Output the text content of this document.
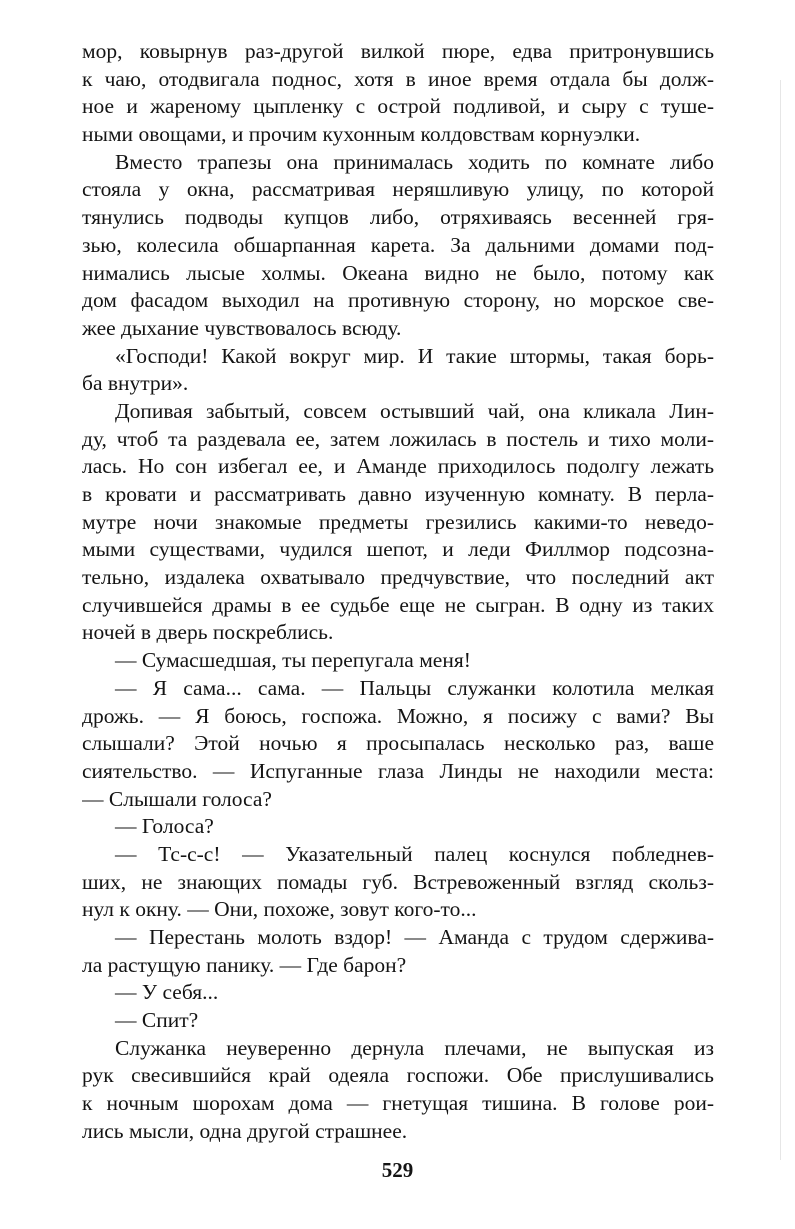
мор, ковырнув раз-другой вилкой пюре, едва притронувшись
к чаю, отодвигала поднос, хотя в иное время отдала бы долж-
ное и жареному цыпленку с острой подливой, и сыру с туше-
ными овощами, и прочим кухонным колдовствам корнуэлки.
Вместо трапезы она принималась ходить по комнате либо
стояла у окна, рассматривая неряшливую улицу, по которой
тянулись подводы купцов либо, отряхиваясь весенней гря-
зью, колесила обшарпанная карета. За дальними домами под-
нимались лысые холмы. Океана видно не было, потому как
дом фасадом выходил на противную сторону, но морское све-
жее дыхание чувствовалось всюду.
«Господи! Какой вокруг мир. И такие штормы, такая борь-
ба внутри».
Допивая забытый, совсем остывший чай, она кликала Лин-
ду, чтоб та раздевала ее, затем ложилась в постель и тихо моли-
лась. Но сон избегал ее, и Аманде приходилось подолгу лежать
в кровати и рассматривать давно изученную комнату. В перла-
мутре ночи знакомые предметы грезились какими-то неведо-
мыми существами, чудился шепот, и леди Филлмор подсозна-
тельно, издалека охватывало предчувствие, что последний акт
случившейся драмы в ее судьбе еще не сыгран. В одну из таких
ночей в дверь поскреблись.
— Сумасшедшая, ты перепугала меня!
— Я сама... сама. — Пальцы служанки колотила мелкая
дрожь. — Я боюсь, госпожа. Можно, я посижу с вами? Вы
слышали? Этой ночью я просыпалась несколько раз, ваше
сиятельство. — Испуганные глаза Линды не находили места:
— Слышали голоса?
— Голоса?
— Тс-с-с! — Указательный палец коснулся побледнев-
ших, не знающих помады губ. Встревоженный взгляд скольз-
нул к окну. — Они, похоже, зовут кого-то...
— Перестань молоть вздор! — Аманда с трудом сдержива-
ла растущую панику. — Где барон?
— У себя...
— Спит?
Служанка неуверенно дернула плечами, не выпуская из
рук свесившийся край одеяла госпожи. Обе прислушивались
к ночным шорохам дома — гнетущая тишина. В голове рои-
лись мысли, одна другой страшнее.
529
